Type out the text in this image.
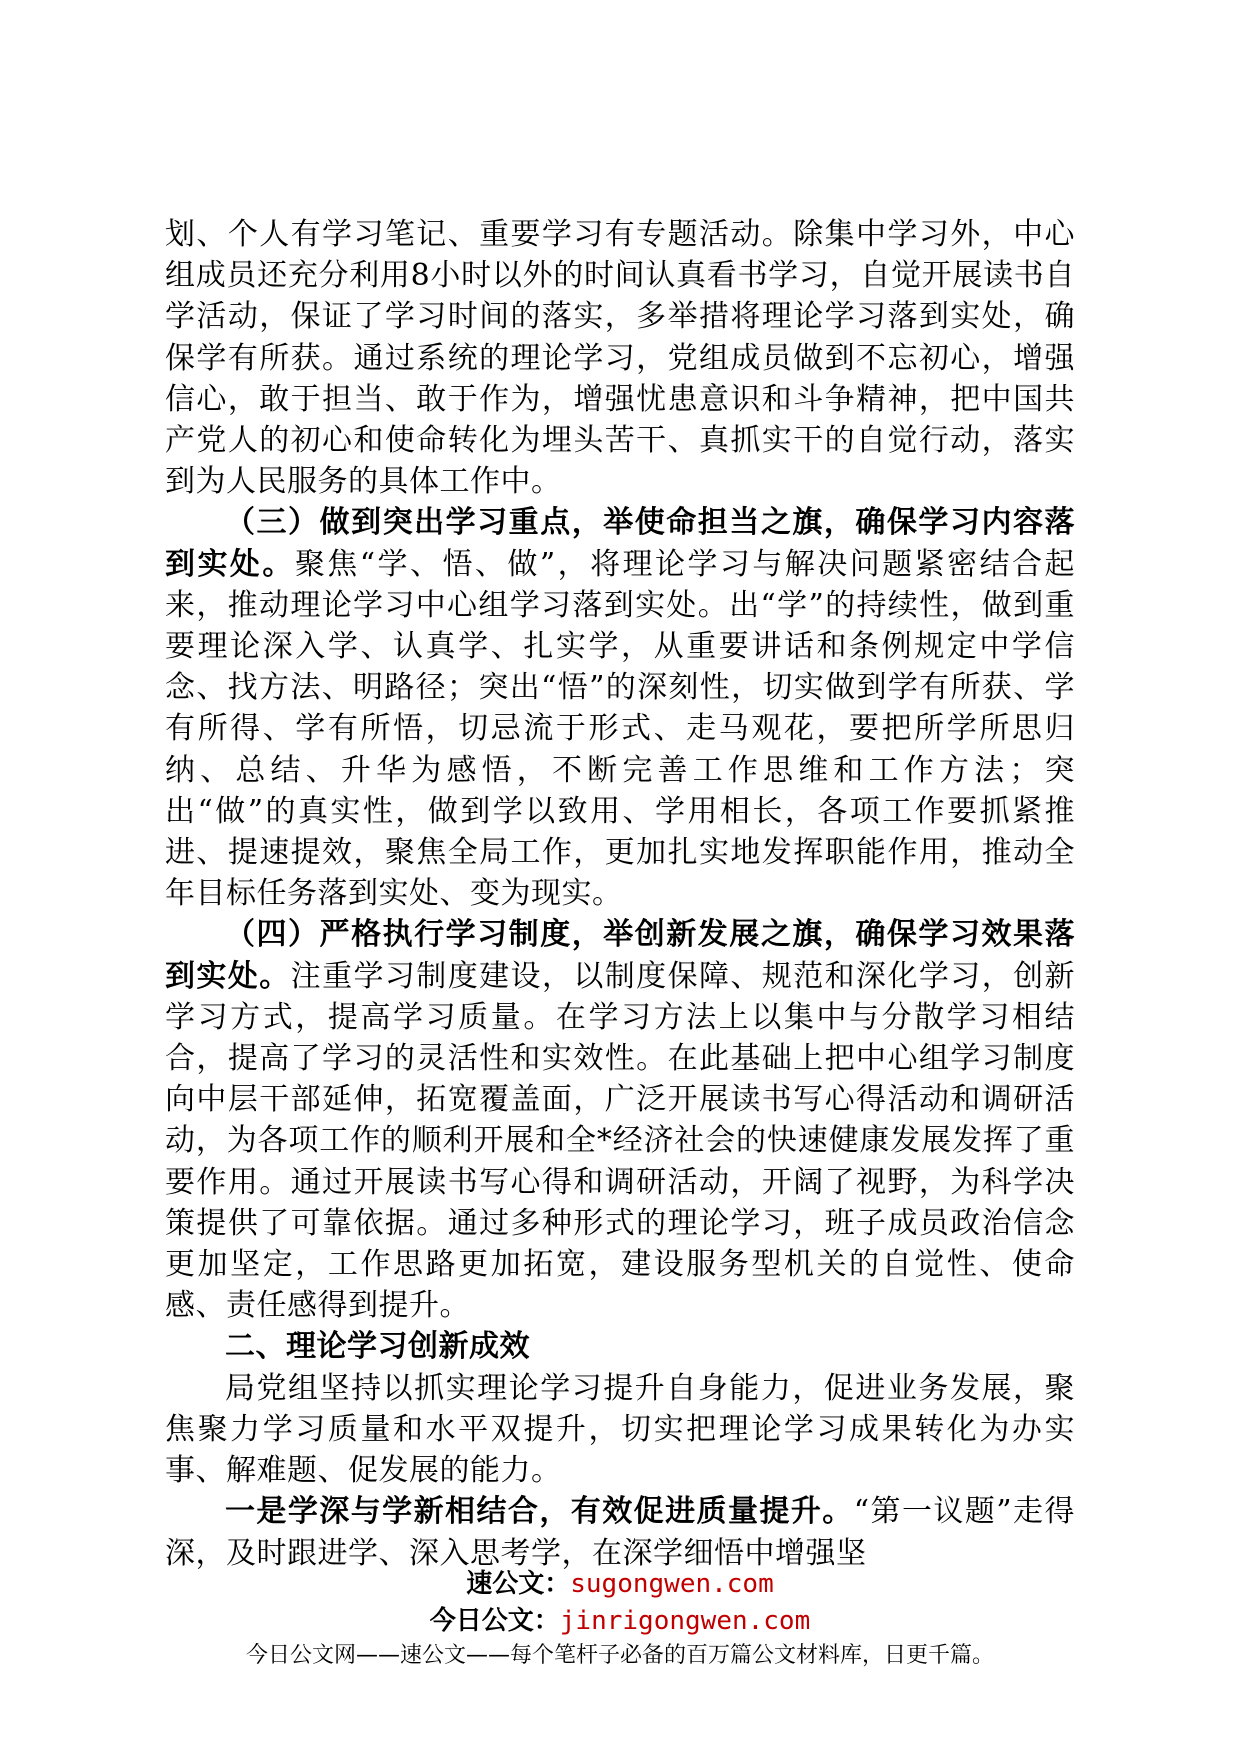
划、个人有学习笔记、重要学习有专题活动。除集中学习外，中心组成员还充分利用8小时以外的时间认真看书学习，自觉开展读书自学活动，保证了学习时间的落实，多举措将理论学习落到实处，确保学有所获。通过系统的理论学习，党组成员做到不忘初心，增强信心，敢于担当、敢于作为，增强忧患意识和斗争精神，把中国共产党人的初心和使命转化为埋头苦干、真抓实干的自觉行动，落实到为人民服务的具体工作中。

（三）做到突出学习重点，举使命担当之旗，确保学习内容落到实处。聚焦“学、悟、做”，将理论学习与解决问题紧密结合起来，推动理论学习中心组学习落到实处。出“学”的持续性，做到重要理论深入学、认真学、扎实学，从重要讲话和条例规定中学信念、找方法、明路径；突出“悟”的深刻性，切实做到学有所获、学有所得、学有所悟，切忌流于形式、走马观花，要把所学所思归纳、总结、升华为感悟，不断完善工作思维和工作方法；突出“做”的真实性，做到学以致用、学用相长，各项工作要抓紧推进、提速提效，聚焦全局工作，更加扎实地发挥职能作用，推动全年目标任务落到实处、变为现实。

（四）严格执行学习制度，举创新发展之旗，确保学习效果落到实处。注重学习制度建设，以制度保障、规范和深化学习，创新学习方式，提高学习质量。在学习方法上以集中与分散学习相结合，提高了学习的灵活性和实效性。在此基础上把中心组学习制度向中层干部延伸，拓宽覆盖面，广泛开展读书写心得活动和调研活动，为各项工作的顺利开展和全*经济社会的快速健康发展发挥了重要作用。通过开展读书写心得和调研活动，开阔了视野，为科学决策提供了可靠依据。通过多种形式的理论学习，班子成员政治信念更加坚定，工作思路更加拓宽，建设服务型机关的自觉性、使命感、责任感得到提升。

二、理论学习创新成效

局党组坚持以抓实理论学习提升自身能力，促进业务发展，聚焦聚力学习质量和水平双提升，切实把理论学习成果转化为办实事、解难题、促发展的能力。

一是学深与学新相结合，有效促进质量提升。“第一议题”走得深，及时跟进学、深入思考学，在深学细悟中增强坚

速公文：sugongwen.com
今日公文：jinrigongwen.com
今日公文网——速公文——每个笔杆子必备的百万篇公文材料库，日更千篇。
